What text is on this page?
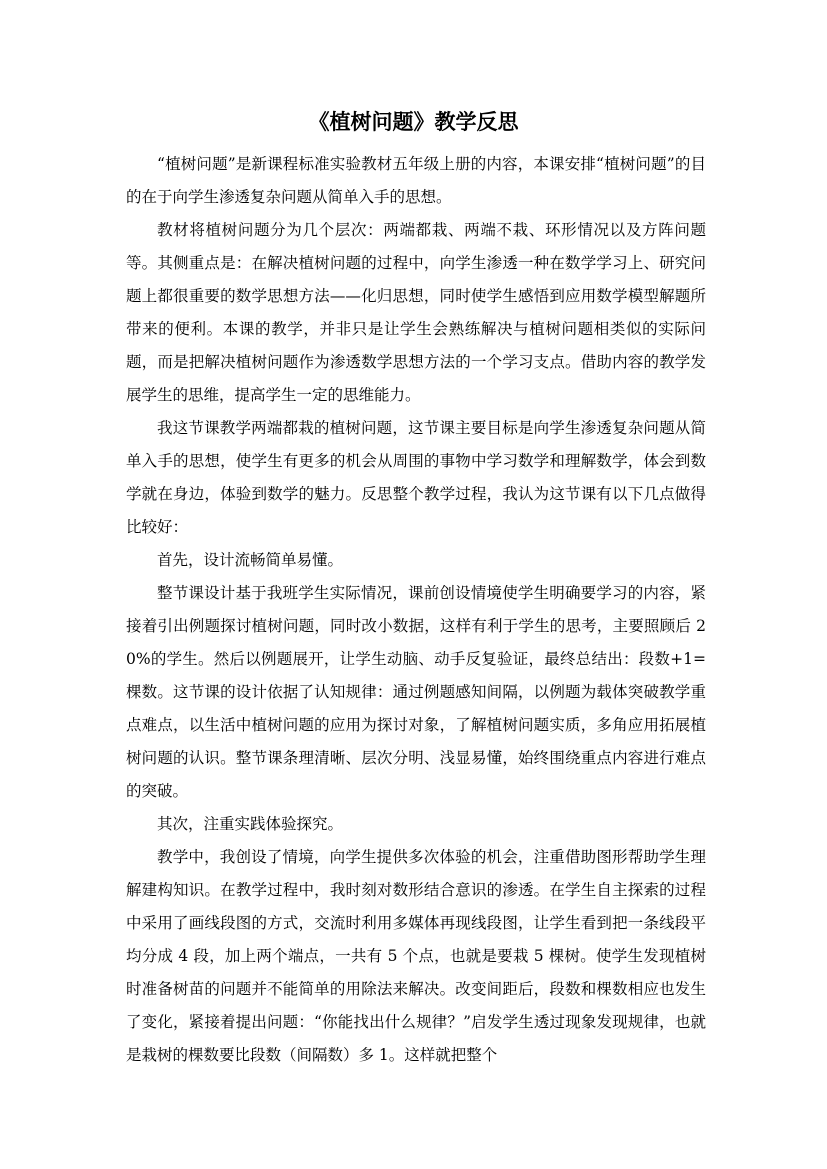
《植树问题》教学反思

“植树问题”是新课程标准实验教材五年级上册的内容，本课安排“植树问题”的目的在于向学生渗透复杂问题从简单入手的思想。

教材将植树问题分为几个层次：两端都栽、两端不栽、环形情况以及方阵问题等。其侧重点是：在解决植树问题的过程中，向学生渗透一种在数学学习上、研究问题上都很重要的数学思想方法——化归思想，同时使学生感悟到应用数学模型解题所带来的便利。本课的教学，并非只是让学生会熟练解决与植树问题相类似的实际问题，而是把解决植树问题作为渗透数学思想方法的一个学习支点。借助内容的教学发展学生的思维，提高学生一定的思维能力。

我这节课教学两端都栽的植树问题，这节课主要目标是向学生渗透复杂问题从简单入手的思想，使学生有更多的机会从周围的事物中学习数学和理解数学，体会到数学就在身边，体验到数学的魅力。反思整个教学过程，我认为这节课有以下几点做得比较好：

首先，设计流畅简单易懂。

整节课设计基于我班学生实际情况，课前创设情境使学生明确要学习的内容，紧接着引出例题探讨植树问题，同时改小数据，这样有利于学生的思考，主要照顾后 20%的学生。然后以例题展开，让学生动脑、动手反复验证，最终总结出：段数+1=棵数。这节课的设计依据了认知规律：通过例题感知间隔，以例题为载体突破教学重点难点，以生活中植树问题的应用为探讨对象，了解植树问题实质，多角应用拓展植树问题的认识。整节课条理清晰、层次分明、浅显易懂，始终围绕重点内容进行难点的突破。

其次，注重实践体验探究。

教学中，我创设了情境，向学生提供多次体验的机会，注重借助图形帮助学生理解建构知识。在教学过程中，我时刻对数形结合意识的渗透。在学生自主探索的过程中采用了画线段图的方式，交流时利用多媒体再现线段图，让学生看到把一条线段平均分成 4 段，加上两个端点，一共有 5 个点，也就是要栽 5 棵树。使学生发现植树时准备树苗的问题并不能简单的用除法来解决。改变间距后，段数和棵数相应也发生了变化，紧接着提出问题：“你能找出什么规律？”启发学生透过现象发现规律，也就是栽树的棵数要比段数（间隔数）多 1。这样就把整个
